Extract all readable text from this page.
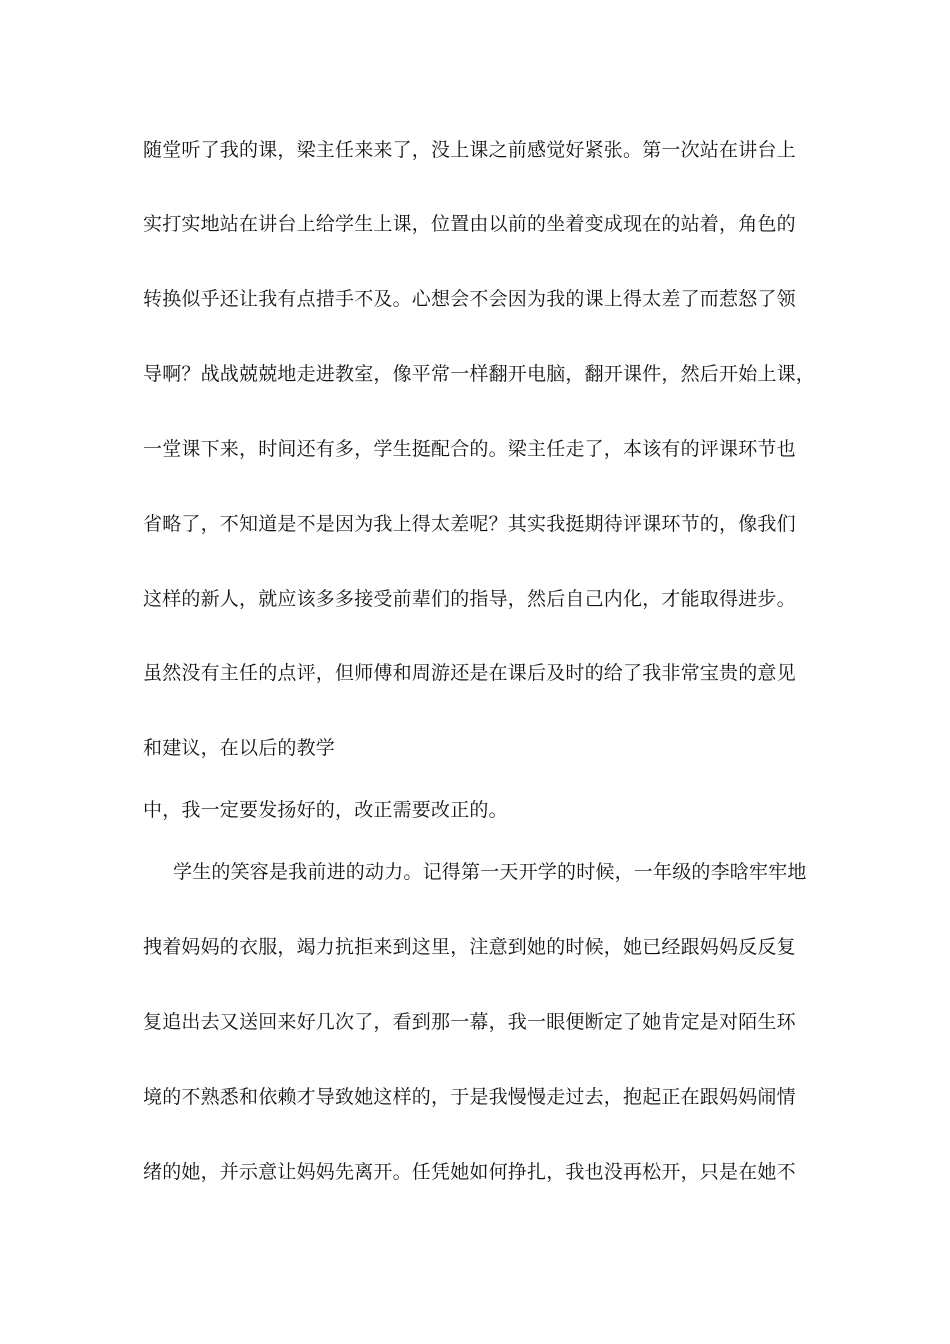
随堂听了我的课，梁主任来来了，没上课之前感觉好紧张。第一次站在讲台上
实打实地站在讲台上给学生上课，位置由以前的坐着变成现在的站着，角色的
转换似乎还让我有点措手不及。心想会不会因为我的课上得太差了而惹怒了领
导啊？战战兢兢地走进教室，像平常一样翻开电脑，翻开课件，然后开始上课，
一堂课下来，时间还有多，学生挺配合的。梁主任走了，本该有的评课环节也
省略了，不知道是不是因为我上得太差呢？其实我挺期待评课环节的，像我们
这样的新人，就应该多多接受前辈们的指导，然后自己内化，才能取得进步。
虽然没有主任的点评，但师傅和周游还是在课后及时的给了我非常宝贵的意见
和建议，在以后的教学
中，我一定要发扬好的，改正需要改正的。
学生的笑容是我前进的动力。记得第一天开学的时候，一年级的李晗牢牢地
拽着妈妈的衣服，竭力抗拒来到这里，注意到她的时候，她已经跟妈妈反反复
复追出去又送回来好几次了，看到那一幕，我一眼便断定了她肯定是对陌生环
境的不熟悉和依赖才导致她这样的，于是我慢慢走过去，抱起正在跟妈妈闹情
绪的她，并示意让妈妈先离开。任凭她如何挣扎，我也没再松开，只是在她不
